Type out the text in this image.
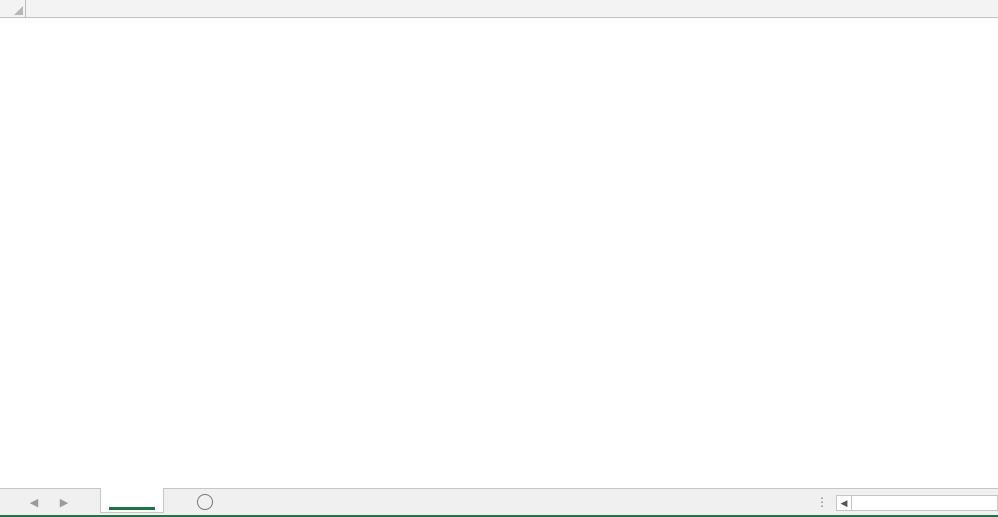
◀	▶	⋮	◀
